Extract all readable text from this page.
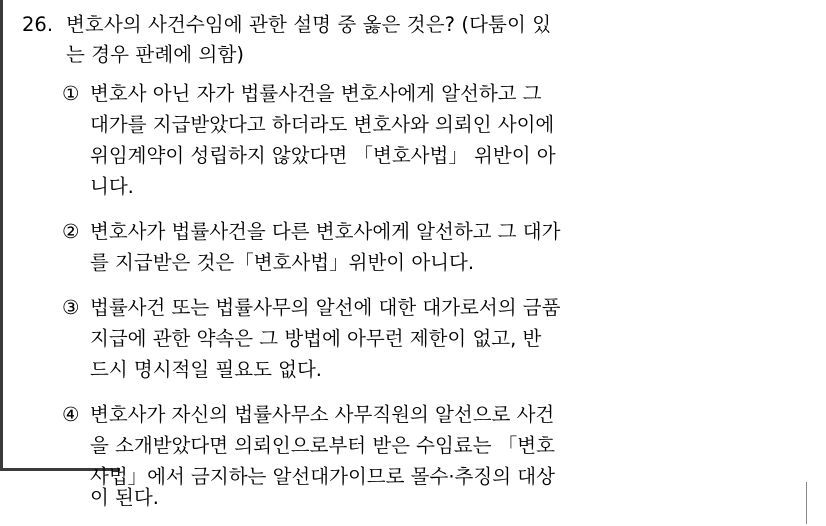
26. 변호사의 사건수임에 관한 설명 중 옳은 것은? (다툼이 있
는 경우 판례에 의함)
① 변호사 아닌 자가 법률사건을 변호사에게 알선하고 그
대가를 지급받았다고 하더라도 변호사와 의뢰인 사이에
위임계약이 성립하지 않았다면 「변호사법」 위반이 아
니다.
② 변호사가 법률사건을 다른 변호사에게 알선하고 그 대가
를 지급받은 것은「변호사법」위반이 아니다.
③ 법률사건 또는 법률사무의 알선에 대한 대가로서의 금품
지급에 관한 약속은 그 방법에 아무런 제한이 없고, 반
드시 명시적일 필요도 없다.
④ 변호사가 자신의 법률사무소 사무직원의 알선으로 사건
을 소개받았다면 의뢰인으로부터 받은 수임료는 「변호
사법」에서 금지하는 알선대가이므로 몰수·추징의 대상
이 된다.
